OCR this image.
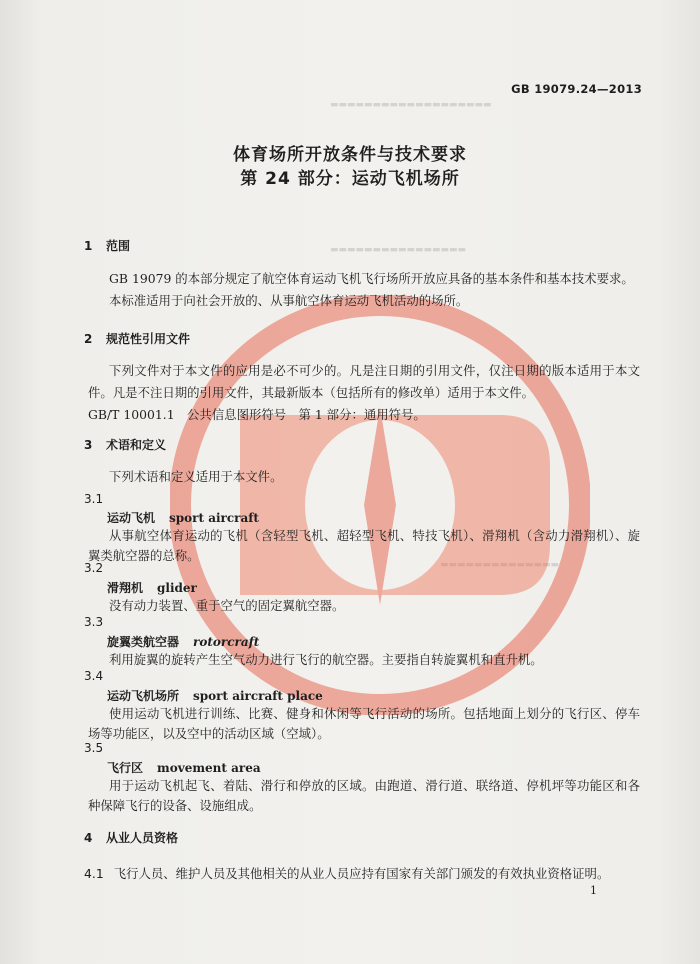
▬▬▬▬▬▬▬▬▬▬▬▬▬▬▬▬▬▬▬
▬▬▬▬▬▬▬▬▬▬▬▬▬▬▬▬
▬▬▬▬▬▬▬▬▬▬▬▬▬▬
GB 19079.24—2013
体育场所开放条件与技术要求
第 24 部分：运动飞机场所
1 范围
GB 19079 的本部分规定了航空体育运动飞机飞行场所开放应具备的基本条件和基本技术要求。
本标准适用于向社会开放的、从事航空体育运动飞机活动的场所。
2 规范性引用文件
下列文件对于本文件的应用是必不可少的。凡是注日期的引用文件，仅注日期的版本适用于本文件。凡是不注日期的引用文件，其最新版本（包括所有的修改单）适用于本文件。
GB/T 10001.1　公共信息图形符号　第 1 部分：通用符号。
3 术语和定义
下列术语和定义适用于本文件。
3.1
运动飞机 sport aircraft
从事航空体育运动的飞机（含轻型飞机、超轻型飞机、特技飞机）、滑翔机（含动力滑翔机）、旋翼类航空器的总称。
3.2
滑翔机 glider
没有动力装置、重于空气的固定翼航空器。
3.3
旋翼类航空器 rotorcraft
利用旋翼的旋转产生空气动力进行飞行的航空器。主要指自转旋翼机和直升机。
3.4
运动飞机场所 sport aircraft place
使用运动飞机进行训练、比赛、健身和休闲等飞行活动的场所。包括地面上划分的飞行区、停车场等功能区，以及空中的活动区域（空域）。
3.5
飞行区 movement area
用于运动飞机起飞、着陆、滑行和停放的区域。由跑道、滑行道、联络道、停机坪等功能区和各种保障飞行的设备、设施组成。
4 从业人员资格
4.1 飞行人员、维护人员及其他相关的从业人员应持有国家有关部门颁发的有效执业资格证明。
1
